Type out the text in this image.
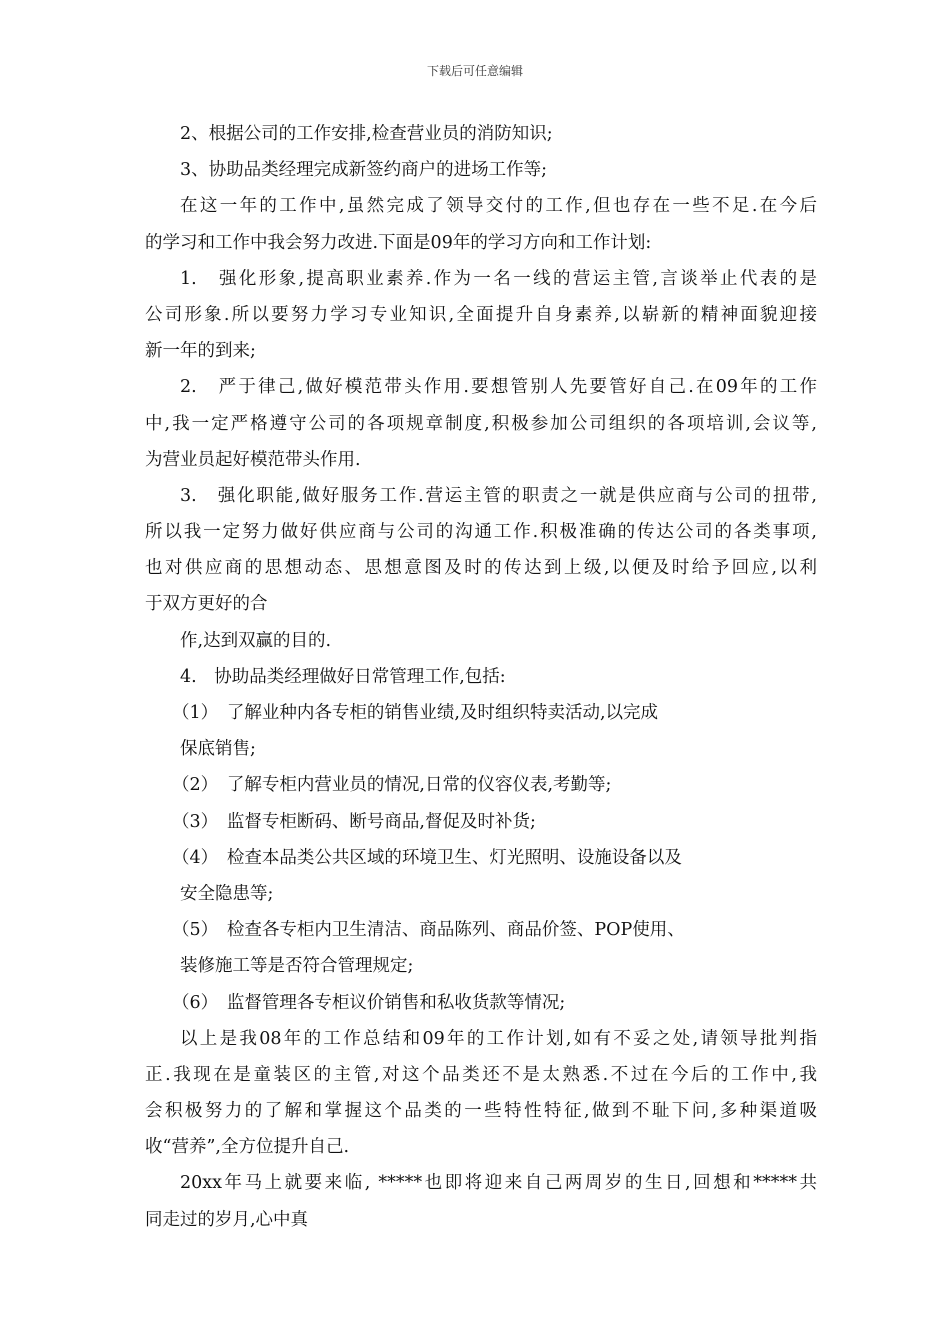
下载后可任意编辑
2、根据公司的工作安排,检查营业员的消防知识;
3、协助品类经理完成新签约商户的进场工作等;
在这一年的工作中,虽然完成了领导交付的工作,但也存在一些不足.在今后
的学习和工作中我会努力改进.下面是09年的学习方向和工作计划:
1.　强化形象,提高职业素养.作为一名一线的营运主管,言谈举止代表的是
公司形象.所以要努力学习专业知识,全面提升自身素养,以崭新的精神面貌迎接
新一年的到来;
2.　严于律己,做好模范带头作用.要想管别人先要管好自己.在09年的工作
中,我一定严格遵守公司的各项规章制度,积极参加公司组织的各项培训,会议等,
为营业员起好模范带头作用.
3.　强化职能,做好服务工作.营运主管的职责之一就是供应商与公司的扭带,
所以我一定努力做好供应商与公司的沟通工作.积极准确的传达公司的各类事项,
也对供应商的思想动态、思想意图及时的传达到上级,以便及时给予回应,以利
于双方更好的合
作,达到双赢的目的.
4.　协助品类经理做好日常管理工作,包括:
（1）　了解业种内各专柜的销售业绩,及时组织特卖活动,以完成
保底销售;
（2）　了解专柜内营业员的情况,日常的仪容仪表,考勤等;
（3）　监督专柜断码、断号商品,督促及时补货;
（4）　检查本品类公共区域的环境卫生、灯光照明、设施设备以及
安全隐患等;
（5）　检查各专柜内卫生清洁、商品陈列、商品价签、POP使用、
装修施工等是否符合管理规定;
（6）　监督管理各专柜议价销售和私收货款等情况;
以上是我08年的工作总结和09年的工作计划,如有不妥之处,请领导批判指
正.我现在是童装区的主管,对这个品类还不是太熟悉.不过在今后的工作中,我
会积极努力的了解和掌握这个品类的一些特性特征,做到不耻下问,多种渠道吸
收“营养”,全方位提升自己.
20xx年马上就要来临, *****也即将迎来自己两周岁的生日,回想和*****共
同走过的岁月,心中真
